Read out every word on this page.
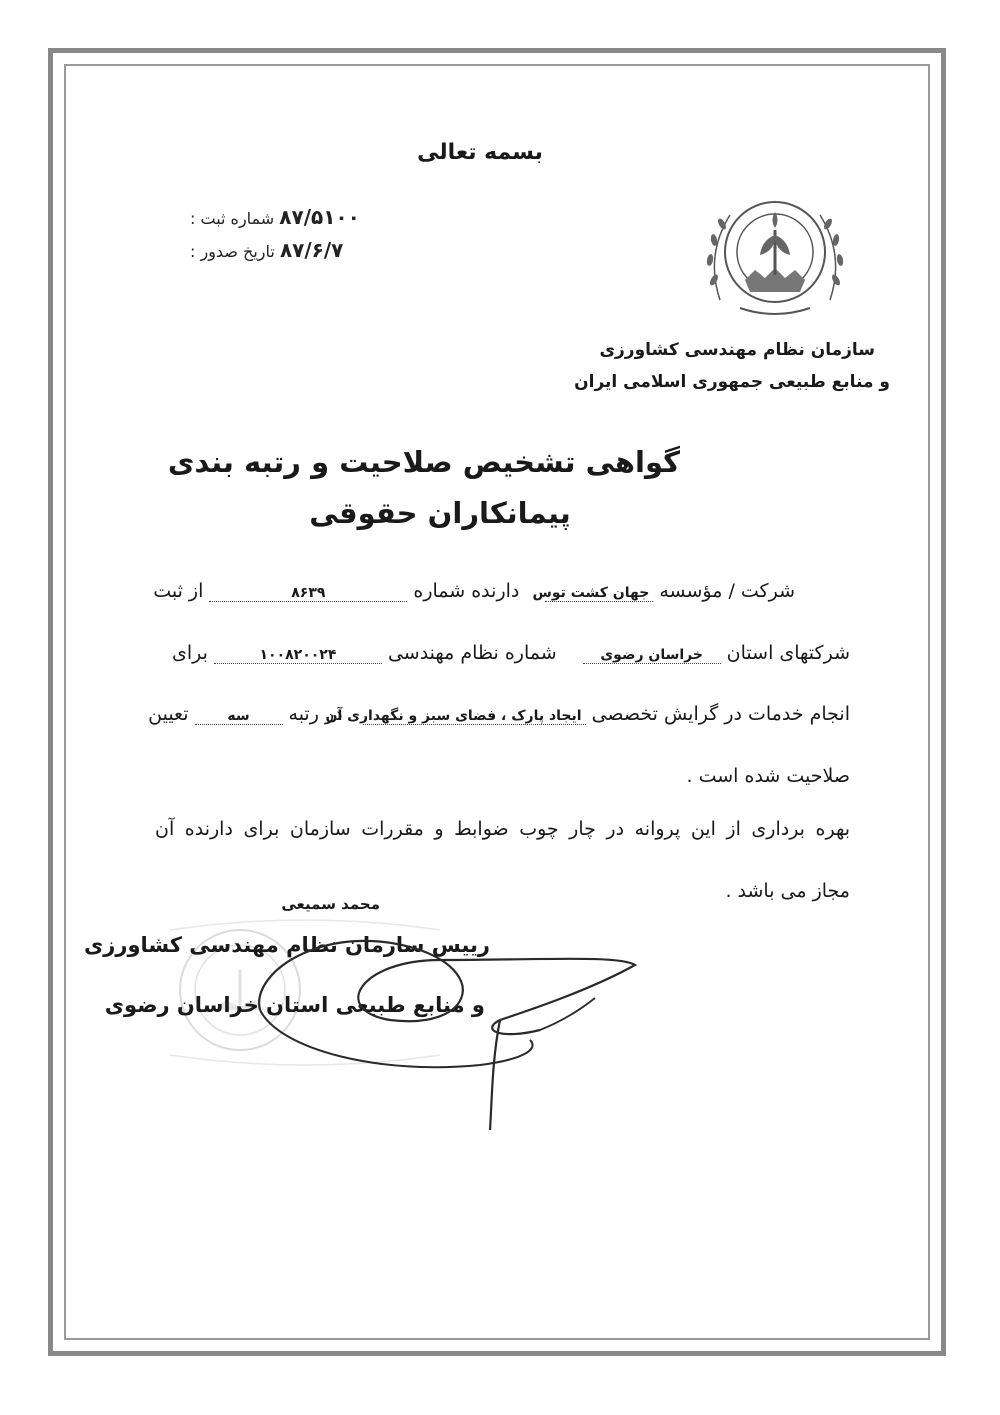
بسمه تعالی
شماره ثبت : ۸۷/۵۱۰۰
تاریخ صدور : ۸۷/۶/۷
سازمان نظام مهندسی کشاورزی
و منابع طبیعی جمهوری اسلامی ایران
گواهی تشخیص صلاحیت و رتبه بندی
پیمانکاران حقوقی
شرکت / مؤسسه
جهان کشت توس
دارنده شماره
۸۶۳۹
از ثبت
شرکتهای استان
خراسان رضوی
شماره نظام مهندسی
۱۰۰۸۲۰۰۲۴
برای
انجام خدمات در گرایش تخصصی
ایجاد پارک ، فضای سبز و نگهداری آن
در رتبه
سه
تعیین
صلاحیت شده است .
بهره برداری از این پروانه در چار چوب ضوابط و مقررات سازمان برای دارنده آن
مجاز می باشد .
محمد سمیعی
رییس سازمان نظام مهندسی کشاورزی
و منابع طبیعی استان خراسان رضوی
